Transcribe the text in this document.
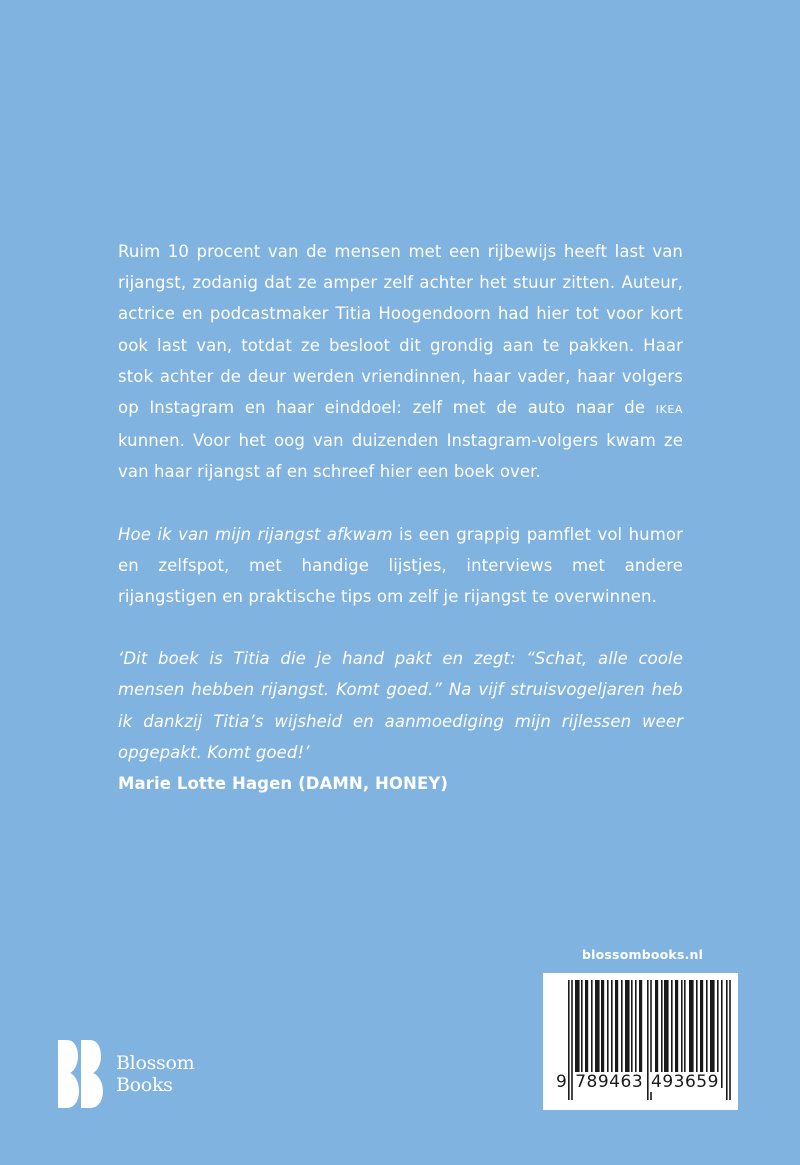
Ruim 10 procent van de mensen met een rijbewijs heeft last van rijangst, zodanig dat ze amper zelf achter het stuur zitten. Auteur, actrice en podcastmaker Titia Hoogendoorn had hier tot voor kort ook last van, totdat ze besloot dit grondig aan te pakken. Haar stok achter de deur werden vriendinnen, haar vader, haar volgers op Instagram en haar einddoel: zelf met de auto naar de IKEA kunnen. Voor het oog van duizenden Instagram-volgers kwam ze van haar rijangst af en schreef hier een boek over.

Hoe ik van mijn rijangst afkwam is een grappig pamflet vol humor en zelfspot, met handige lijstjes, interviews met andere rijangstigen en praktische tips om zelf je rijangst te overwinnen.

‘Dit boek is Titia die je hand pakt en zegt: “Schat, alle coole mensen hebben rijangst. Komt goed.” Na vijf struisvogeljaren heb ik dankzij Titia’s wijsheid en aanmoediging mijn rijlessen weer opgepakt. Komt goed!’

Marie Lotte Hagen (DAMN, HONEY)

Blossom
Books
blossombooks.nl
9 789463 493659
